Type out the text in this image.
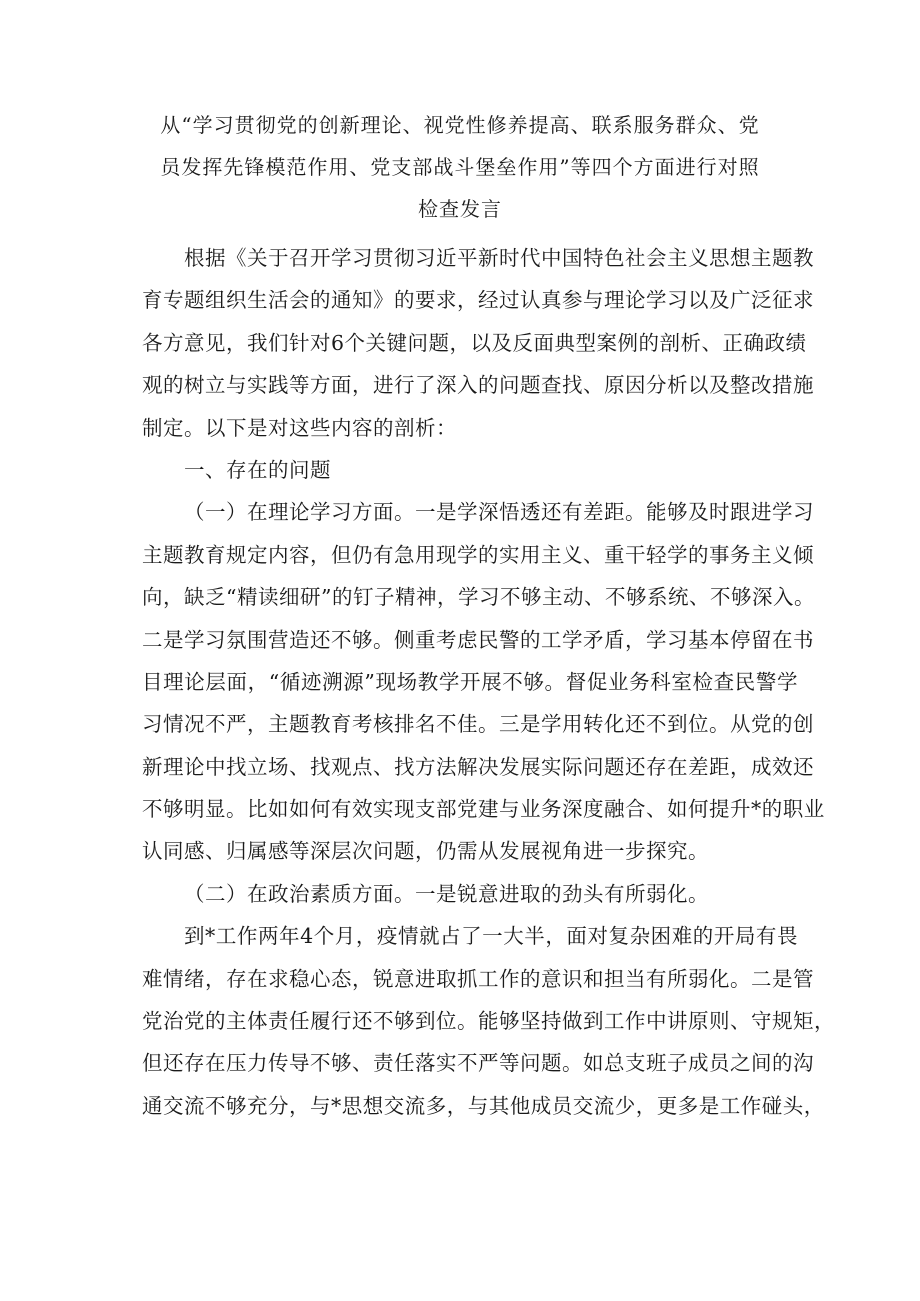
从“学习贯彻党的创新理论、视党性修养提高、联系服务群众、党
员发挥先锋模范作用、党支部战斗堡垒作用”等四个方面进行对照
检查发言
根据《关于召开学习贯彻习近平新时代中国特色社会主义思想主题教
育专题组织生活会的通知》的要求，经过认真参与理论学习以及广泛征求
各方意见，我们针对6个关键问题，以及反面典型案例的剖析、正确政绩
观的树立与实践等方面，进行了深入的问题查找、原因分析以及整改措施
制定。以下是对这些内容的剖析：
一、存在的问题
（一）在理论学习方面。一是学深悟透还有差距。能够及时跟进学习
主题教育规定内容，但仍有急用现学的实用主义、重干轻学的事务主义倾
向，缺乏“精读细研”的钉子精神，学习不够主动、不够系统、不够深入。
二是学习氛围营造还不够。侧重考虑民警的工学矛盾，学习基本停留在书
目理论层面，“循迹溯源”现场教学开展不够。督促业务科室检查民警学
习情况不严，主题教育考核排名不佳。三是学用转化还不到位。从党的创
新理论中找立场、找观点、找方法解决发展实际问题还存在差距，成效还
不够明显。比如如何有效实现支部党建与业务深度融合、如何提升*的职业
认同感、归属感等深层次问题，仍需从发展视角进一步探究。
（二）在政治素质方面。一是锐意进取的劲头有所弱化。
到*工作两年4个月，疫情就占了一大半，面对复杂困难的开局有畏
难情绪，存在求稳心态，锐意进取抓工作的意识和担当有所弱化。二是管
党治党的主体责任履行还不够到位。能够坚持做到工作中讲原则、守规矩，
但还存在压力传导不够、责任落实不严等问题。如总支班子成员之间的沟
通交流不够充分，与*思想交流多，与其他成员交流少，更多是工作碰头，
